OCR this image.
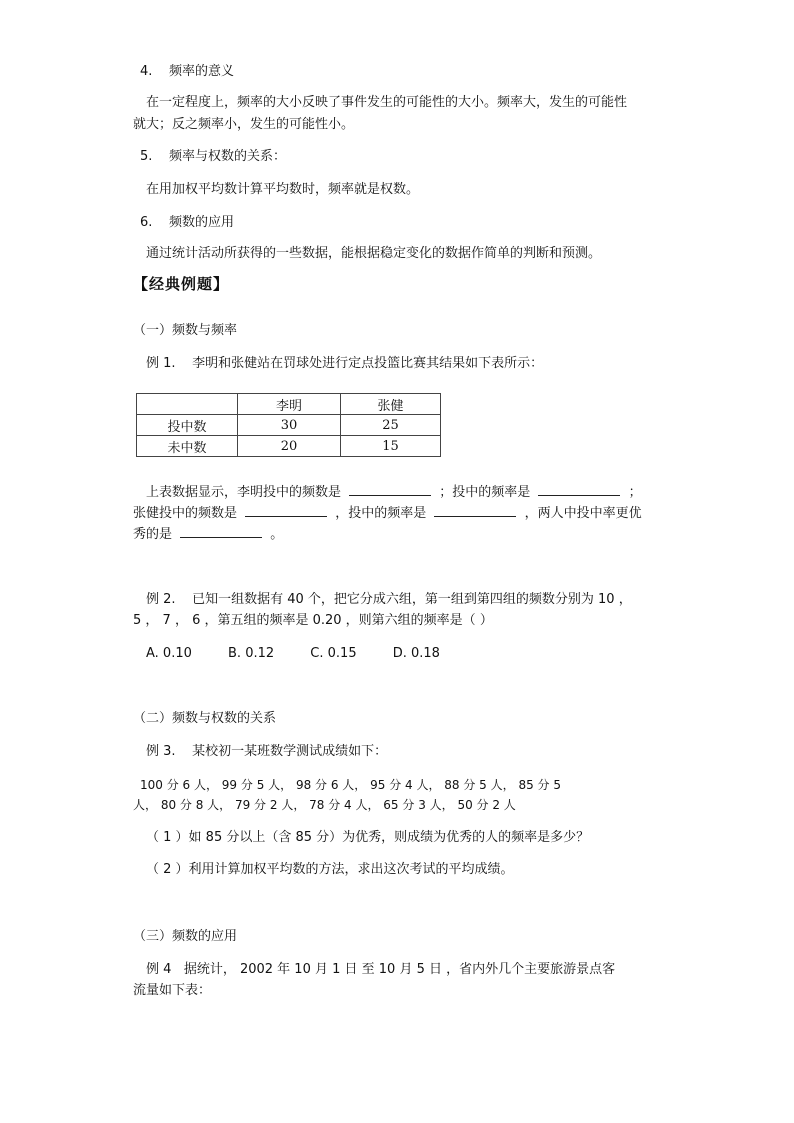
4. 频率的意义
在一定程度上，频率的大小反映了事件发生的可能性的大小。频率大，发生的可能性
就大；反之频率小，发生的可能性小。
5. 频率与权数的关系：
在用加权平均数计算平均数时，频率就是权数。
6. 频数的应用
通过统计活动所获得的一些数据，能根据稳定变化的数据作简单的判断和预测。
【经典例题】
（一）频数与频率
例 1. 李明和张健站在罚球处进行定点投篮比赛其结果如下表所示：
	李明	张健
投中数	30	25
未中数	20	15
上表数据显示，李明投中的频数是	；投中的频率是	；
张健投中的频数是	，投中的频率是	，两人中投中率更优
秀的是	。
例 2. 已知一组数据有 40 个，把它分成六组，第一组到第四组的频数分别为 10 ，
5 ， 7 ， 6 ，第五组的频率是 0.20 ，则第六组的频率是（ ）
A. 0.10	B. 0.12	C. 0.15	D. 0.18
（二）频数与权数的关系
例 3. 某校初一某班数学测试成绩如下：
100 分 6 人， 99 分 5 人， 98 分 6 人， 95 分 4 人， 88 分 5 人， 85 分 5
人， 80 分 8 人， 79 分 2 人， 78 分 4 人， 65 分 3 人， 50 分 2 人
（ 1 ）如 85 分以上（含 85 分）为优秀，则成绩为优秀的人的频率是多少？
（ 2 ）利用计算加权平均数的方法，求出这次考试的平均成绩。
（三）频数的应用
例 4 据统计， 2002 年 10 月 1 日 至 10 月 5 日 ，省内外几个主要旅游景点客
流量如下表：
